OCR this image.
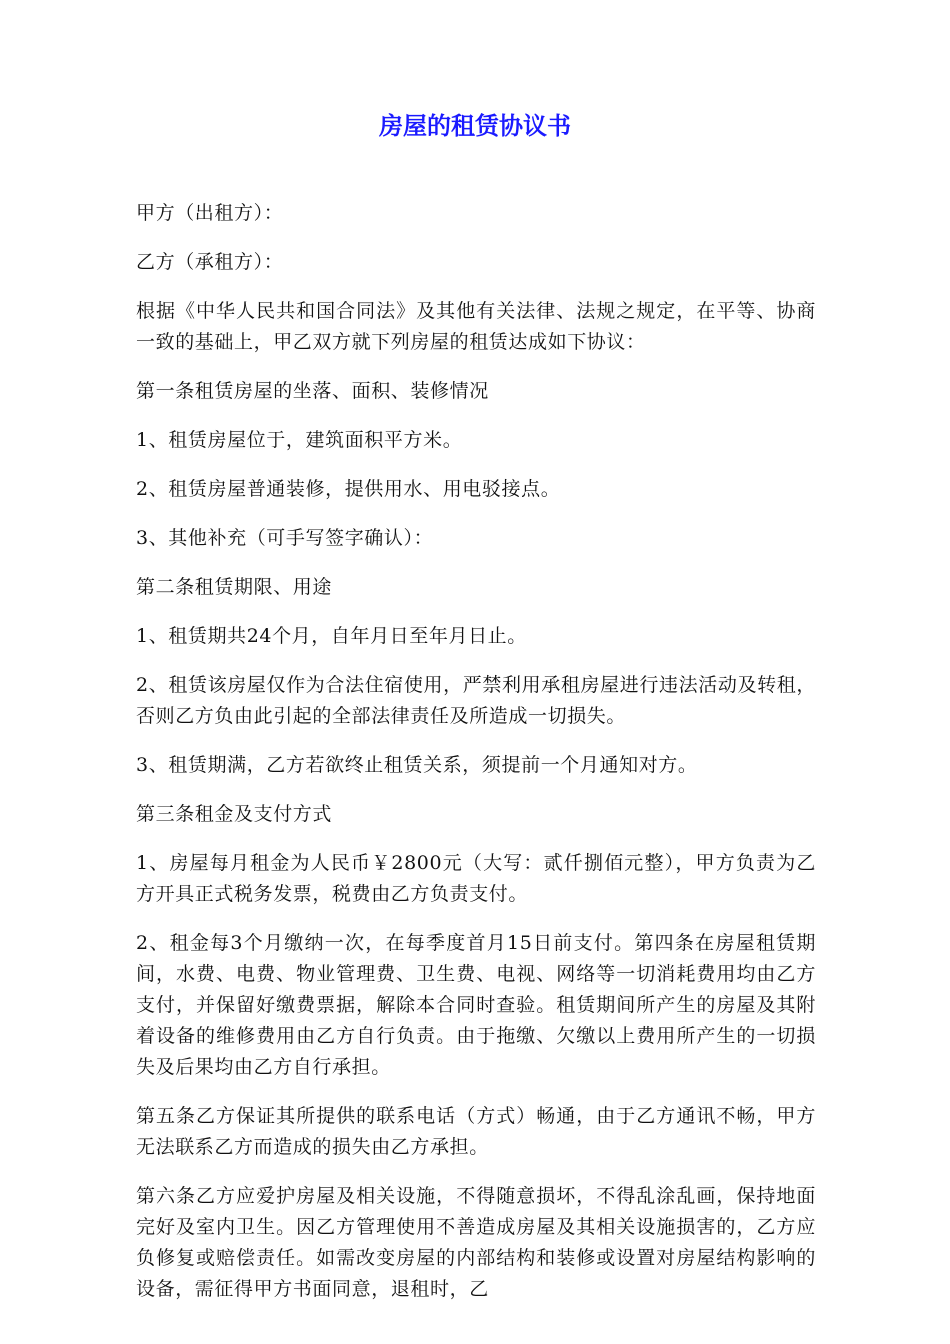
房屋的租赁协议书

甲方（出租方）：

乙方（承租方）：

根据《中华人民共和国合同法》及其他有关法律、法规之规定，在平等、协商一致的基础上，甲乙双方就下列房屋的租赁达成如下协议：

第一条租赁房屋的坐落、面积、装修情况

1、租赁房屋位于，建筑面积平方米。

2、租赁房屋普通装修，提供用水、用电驳接点。

3、其他补充（可手写签字确认）：

第二条租赁期限、用途

1、租赁期共24个月，自年月日至年月日止。

2、租赁该房屋仅作为合法住宿使用，严禁利用承租房屋进行违法活动及转租，否则乙方负由此引起的全部法律责任及所造成一切损失。

3、租赁期满，乙方若欲终止租赁关系，须提前一个月通知对方。

第三条租金及支付方式

1、房屋每月租金为人民币￥2800元（大写：贰仟捌佰元整），甲方负责为乙方开具正式税务发票，税费由乙方负责支付。

2、租金每3个月缴纳一次，在每季度首月15日前支付。第四条在房屋租赁期间，水费、电费、物业管理费、卫生费、电视、网络等一切消耗费用均由乙方支付，并保留好缴费票据，解除本合同时查验。租赁期间所产生的房屋及其附着设备的维修费用由乙方自行负责。由于拖缴、欠缴以上费用所产生的一切损失及后果均由乙方自行承担。

第五条乙方保证其所提供的联系电话（方式）畅通，由于乙方通讯不畅，甲方无法联系乙方而造成的损失由乙方承担。

第六条乙方应爱护房屋及相关设施，不得随意损坏，不得乱涂乱画，保持地面完好及室内卫生。因乙方管理使用不善造成房屋及其相关设施损害的，乙方应负修复或赔偿责任。如需改变房屋的内部结构和装修或设置对房屋结构影响的设备，需征得甲方书面同意，退租时，乙
